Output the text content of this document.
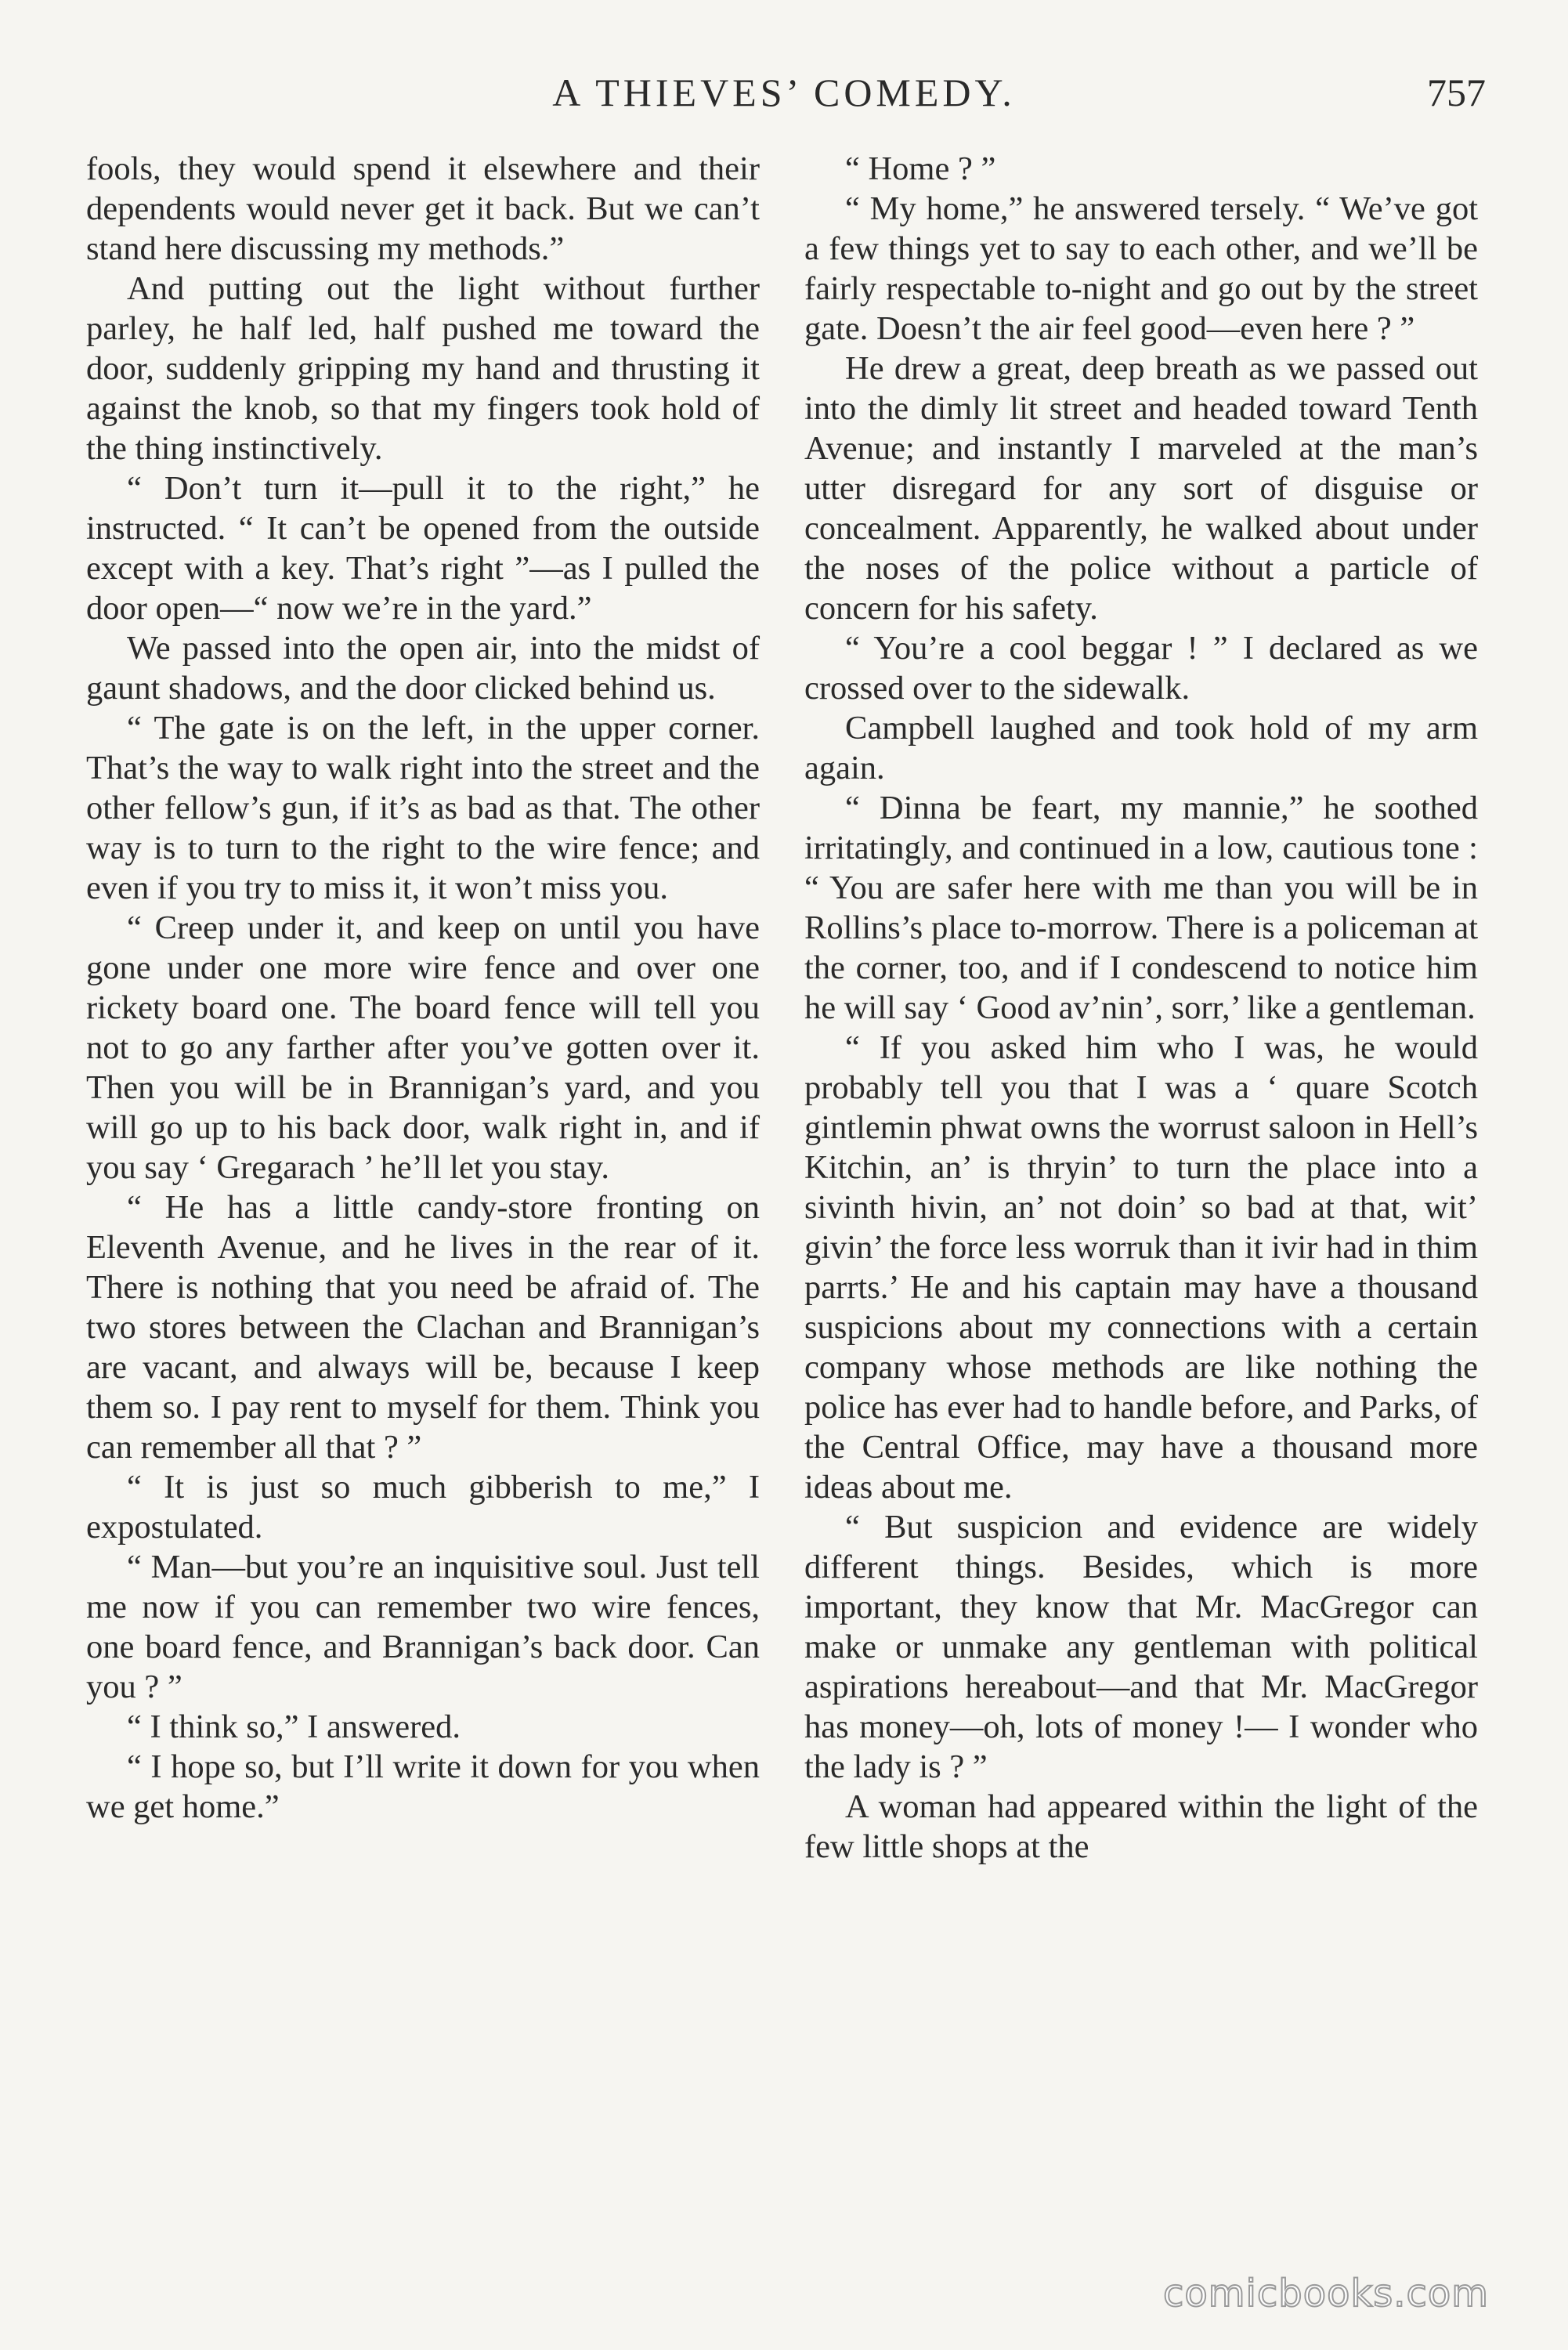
A THIEVES’ COMEDY.	757

fools, they would spend it elsewhere and their dependents would never get it back. But we can’t stand here discussing my methods.”

And putting out the light without further parley, he half led, half pushed me toward the door, suddenly gripping my hand and thrusting it against the knob, so that my fingers took hold of the thing instinctively.

“ Don’t turn it—pull it to the right,” he instructed. “ It can’t be opened from the outside except with a key. That’s right ”—as I pulled the door open—“ now we’re in the yard.”

We passed into the open air, into the midst of gaunt shadows, and the door clicked behind us.

“ The gate is on the left, in the upper corner. That’s the way to walk right into the street and the other fellow’s gun, if it’s as bad as that. The other way is to turn to the right to the wire fence; and even if you try to miss it, it won’t miss you.

“ Creep under it, and keep on until you have gone under one more wire fence and over one rickety board one. The board fence will tell you not to go any farther after you’ve gotten over it. Then you will be in Brannigan’s yard, and you will go up to his back door, walk right in, and if you say ‘ Gregarach ’ he’ll let you stay.

“ He has a little candy-store fronting on Eleventh Avenue, and he lives in the rear of it. There is nothing that you need be afraid of. The two stores between the Clachan and Brannigan’s are vacant, and always will be, because I keep them so. I pay rent to myself for them. Think you can remember all that ? ”

“ It is just so much gibberish to me,” I expostulated.

“ Man—but you’re an inquisitive soul. Just tell me now if you can remember two wire fences, one board fence, and Brannigan’s back door. Can you ? ”

“ I think so,” I answered.

“ I hope so, but I’ll write it down for you when we get home.”

“ Home ? ”

“ My home,” he answered tersely. “ We’ve got a few things yet to say to each other, and we’ll be fairly respectable to-night and go out by the street gate. Doesn’t the air feel good—even here ? ”

He drew a great, deep breath as we passed out into the dimly lit street and headed toward Tenth Avenue; and instantly I marveled at the man’s utter disregard for any sort of disguise or concealment. Apparently, he walked about under the noses of the police without a particle of concern for his safety.

“ You’re a cool beggar ! ” I declared as we crossed over to the sidewalk.

Campbell laughed and took hold of my arm again.

“ Dinna be feart, my mannie,” he soothed irritatingly, and continued in a low, cautious tone : “ You are safer here with me than you will be in Rollins’s place to-morrow. There is a policeman at the corner, too, and if I condescend to notice him he will say ‘ Good av’nin’, sorr,’ like a gentleman.

“ If you asked him who I was, he would probably tell you that I was a ‘ quare Scotch gintlemin phwat owns the worrust saloon in Hell’s Kitchin, an’ is thryin’ to turn the place into a sivinth hivin, an’ not doin’ so bad at that, wit’ givin’ the force less worruk than it ivir had in thim parrts.’ He and his captain may have a thousand suspicions about my connections with a certain company whose methods are like nothing the police has ever had to handle before, and Parks, of the Central Office, may have a thousand more ideas about me.

“ But suspicion and evidence are widely different things. Besides, which is more important, they know that Mr. MacGregor can make or unmake any gentleman with political aspirations hereabout—and that Mr. MacGregor has money—oh, lots of money !— I wonder who the lady is ? ”

A woman had appeared within the light of the few little shops at the

comicbooks.com
